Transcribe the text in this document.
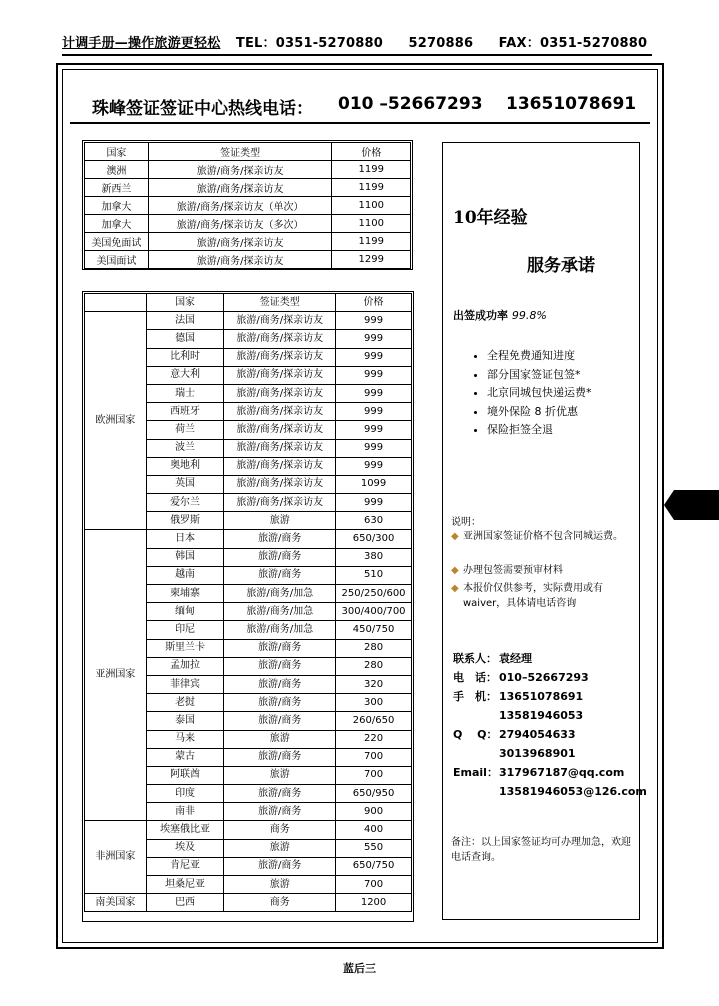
计调手册—操作旅游更轻松 TEL：0351-5270880 5270886 FAX：0351-5270880
珠峰签证签证中心热线电话： 010 –52667293 13651078691
国家	签证类型	价格
澳洲	旅游/商务/探亲访友	1199
新西兰	旅游/商务/探亲访友	1199
加拿大	旅游/商务/探亲访友（单次）	1100
加拿大	旅游/商务/探亲访友（多次）	1100
美国免面试	旅游/商务/探亲访友	1199
美国面试	旅游/商务/探亲访友	1299
	国家	签证类型	价格
欧洲国家	法国	旅游/商务/探亲访友	999
	德国	旅游/商务/探亲访友	999
	比利时	旅游/商务/探亲访友	999
	意大利	旅游/商务/探亲访友	999
	瑞士	旅游/商务/探亲访友	999
	西班牙	旅游/商务/探亲访友	999
	荷兰	旅游/商务/探亲访友	999
	波兰	旅游/商务/探亲访友	999
	奥地利	旅游/商务/探亲访友	999
	英国	旅游/商务/探亲访友	1099
	爱尔兰	旅游/商务/探亲访友	999
	俄罗斯	旅游	630
亚洲国家	日本	旅游/商务	650/300
	韩国	旅游/商务	380
	越南	旅游/商务	510
	柬埔寨	旅游/商务/加急	250/250/600
	缅甸	旅游/商务/加急	300/400/700
	印尼	旅游/商务/加急	450/750
	斯里兰卡	旅游/商务	280
	孟加拉	旅游/商务	280
	菲律宾	旅游/商务	320
	老挝	旅游/商务	300
	泰国	旅游/商务	260/650
	马来	旅游	220
	蒙古	旅游/商务	700
	阿联酋	旅游	700
	印度	旅游/商务	650/950
	南非	旅游/商务	900
非洲国家	埃塞俄比亚	商务	400
	埃及	旅游	550
	肯尼亚	旅游/商务	650/750
	坦桑尼亚	旅游	700
南美国家	巴西	商务	1200
10年经验
服务承诺
出签成功率 99.8%
• 全程免费通知进度
• 部分国家签证包签*
• 北京同城包快递运费*
• 境外保险 8 折优惠
• 保险拒签全退
说明：
◆ 亚洲国家签证价格不包含同城运费。
◆ 办理包签需要预审材料
◆ 本报价仅供参考，实际费用或有waiver，具体请电话咨询
联系人： 袁经理
电　话： 010–52667293
手　机： 13651078691
13581946053
Q　 Q：2794054633
3013968901
Email：317967187@qq.com
13581946053@126.com
备注：以上国家签证均可办理加急，欢迎电话查询。
蓝后三
